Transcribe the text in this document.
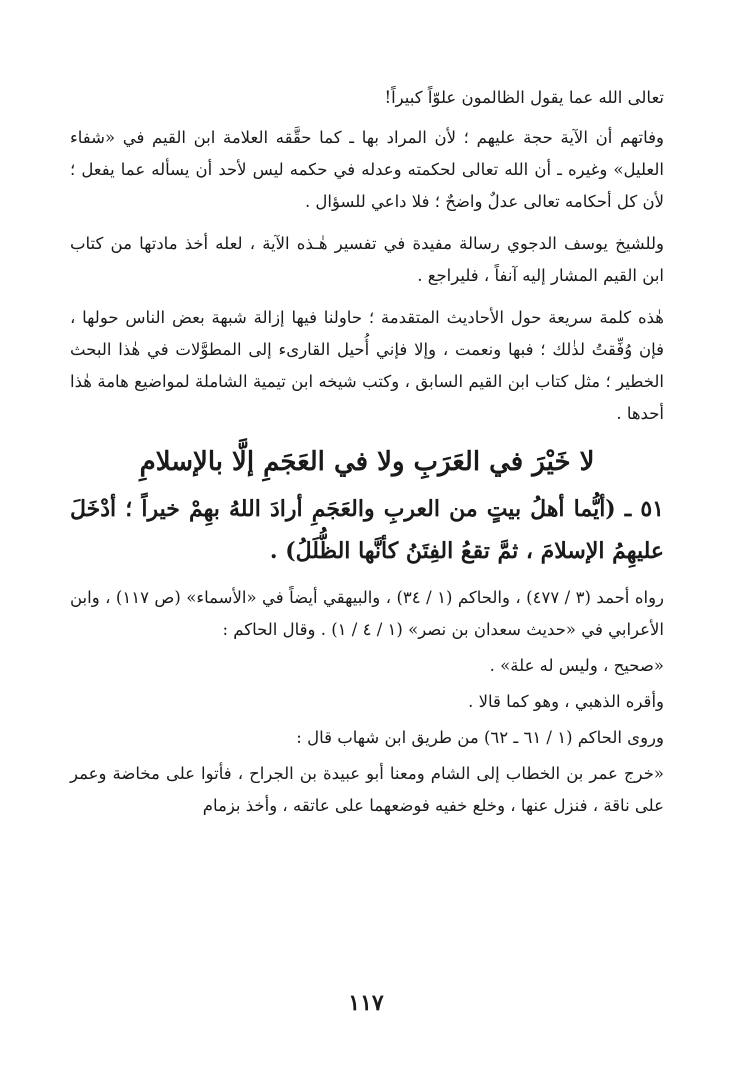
تعالى الله عما يقول الظالمون علوّاً كبيراً!

وفاتهم أن الآية حجة عليهم ؛ لأن المراد بها ـ كما حقَّقه العلامة ابن القيم في «شفاء العليل» وغيره ـ أن الله تعالى لحكمته وعدله في حكمه ليس لأحد أن يسأله عما يفعل ؛ لأن كل أحكامه تعالى عدلٌ واضحٌ ؛ فلا داعي للسؤال .

وللشيخ يوسف الدجوي رسالة مفيدة في تفسير هٰـذه الآية ، لعله أخذ مادتها من كتاب ابن القيم المشار إليه آنفاً ، فليراجع .

هٰذه كلمة سريعة حول الأحاديث المتقدمة ؛ حاولنا فيها إزالة شبهة بعض الناس حولها ، فإن وُفِّقتُ لذٰلك ؛ فبها ونعمت ، وإلا فإني أُحيل القارىء إلى المطوَّلات في هٰذا البحث الخطير ؛ مثل كتاب ابن القيم السابق ، وكتب شيخه ابن تيمية الشاملة لمواضيع هامة هٰذا أحدها .

لا خَيْرَ في العَرَبِ ولا في العَجَمِ إلَّا بالإسلامِ
٥١ ـ (أيُّما أهلُ بيتٍ من العربِ والعَجَمِ أرادَ اللهُ بهِمْ خيراً ؛ أدْخَلَ عليهِمُ الإسلامَ ، ثمَّ تقعُ الفِتَنُ كأنَّها الظُّلَلُ) .

رواه أحمد (٣ / ٤٧٧) ، والحاكم (١ / ٣٤) ، والبيهقي أيضاً في «الأسماء» (ص ١١٧) ، وابن الأعرابي في «حديث سعدان بن نصر» (١ / ٤ / ١) . وقال الحاكم :

«صحيح ، وليس له علة» .

وأقره الذهبي ، وهو كما قالا .

وروى الحاكم (١ / ٦١ ـ ٦٢) من طريق ابن شهاب قال :

«خرج عمر بن الخطاب إلى الشام ومعنا أبو عبيدة بن الجراح ، فأتوا على مخاضة وعمر على ناقة ، فنزل عنها ، وخلع خفيه فوضعهما على عاتقه ، وأخذ بزمام

١١٧
